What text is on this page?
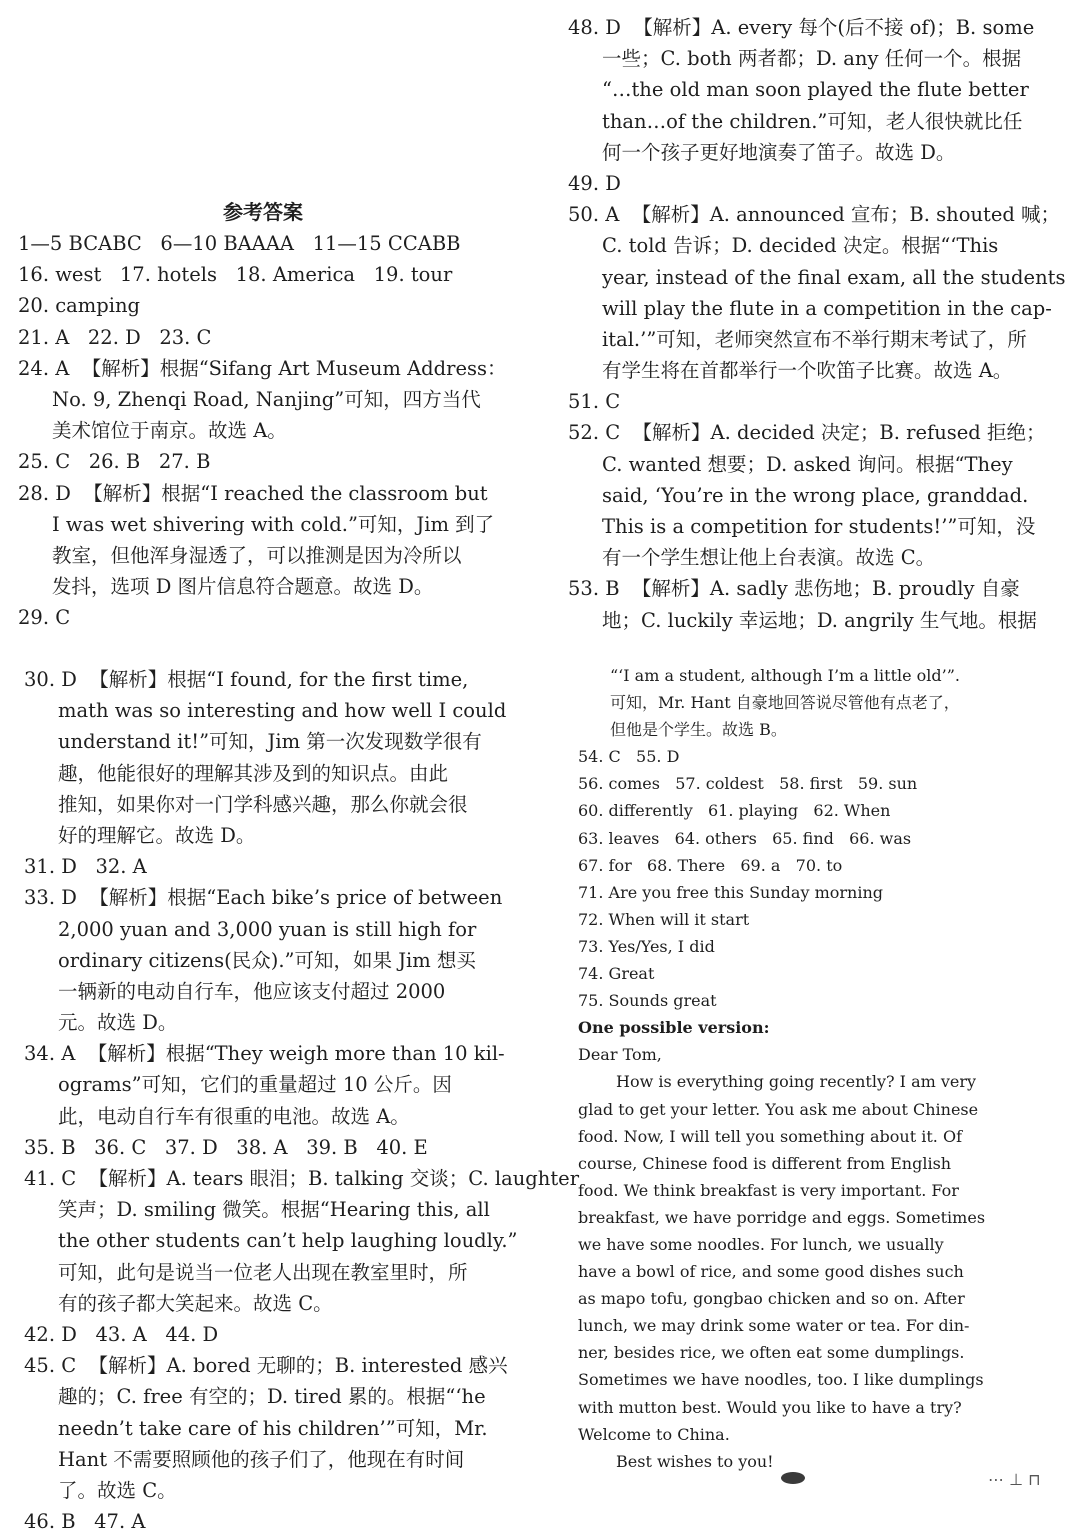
参考答案
1—5 BCABC   6—10 BAAAA   11—15 CCABB
16. west   17. hotels   18. America   19. tour
20. camping
21. A   22. D   23. C
24. A  【解析】根据“Sifang Art Museum Address：
No. 9, Zhenqi Road, Nanjing”可知，四方当代
美术馆位于南京。故选 A。
25. C   26. B   27. B
28. D  【解析】根据“I reached the classroom but
I was wet shivering with cold.”可知，Jim 到了
教室，但他浑身湿透了，可以推测是因为冷所以
发抖，选项 D 图片信息符合题意。故选 D。
29. C
30. D  【解析】根据“I found, for the first time,
math was so interesting and how well I could
understand it!”可知，Jim 第一次发现数学很有
趣，他能很好的理解其涉及到的知识点。由此
推知，如果你对一门学科感兴趣，那么你就会很
好的理解它。故选 D。
31. D   32. A
33. D  【解析】根据“Each bike’s price of between
2,000 yuan and 3,000 yuan is still high for
ordinary citizens(民众).”可知，如果 Jim 想买
一辆新的电动自行车，他应该支付超过 2000
元。故选 D。
34. A  【解析】根据“They weigh more than 10 kil-
ograms”可知，它们的重量超过 10 公斤。因
此，电动自行车有很重的电池。故选 A。
35. B   36. C   37. D   38. A   39. B   40. E
41. C  【解析】A. tears 眼泪；B. talking 交谈；C. laughter
笑声；D. smiling 微笑。根据“Hearing this, all
the other students can’t help laughing loudly.”
可知，此句是说当一位老人出现在教室里时，所
有的孩子都大笑起来。故选 C。
42. D   43. A   44. D
45. C  【解析】A. bored 无聊的；B. interested 感兴
趣的；C. free 有空的；D. tired 累的。根据“‘he
needn’t take care of his children’”可知，Mr.
Hant 不需要照顾他的孩子们了，他现在有时间
了。故选 C。
46. B   47. A
48. D  【解析】A. every 每个(后不接 of)；B. some
一些；C. both 两者都；D. any 任何一个。根据
“…the old man soon played the flute better
than…of the children.”可知，老人很快就比任
何一个孩子更好地演奏了笛子。故选 D。
49. D
50. A  【解析】A. announced 宣布；B. shouted 喊；
C. told 告诉；D. decided 决定。根据“‘This
year, instead of the final exam, all the students
will play the flute in a competition in the cap-
ital.’”可知，老师突然宣布不举行期末考试了，所
有学生将在首都举行一个吹笛子比赛。故选 A。
51. C
52. C  【解析】A. decided 决定；B. refused 拒绝；
C. wanted 想要；D. asked 询问。根据“They
said, ‘You’re in the wrong place, granddad.
This is a competition for students!’”可知，没
有一个学生想让他上台表演。故选 C。
53. B  【解析】A. sadly 悲伤地；B. proudly 自豪
地；C. luckily 幸运地；D. angrily 生气地。根据
“‘I am a student, although I’m a little old’”.
可知，Mr. Hant 自豪地回答说尽管他有点老了，
但他是个学生。故选 B。
54. C   55. D
56. comes   57. coldest   58. first   59. sun
60. differently   61. playing   62. When
63. leaves   64. others   65. find   66. was
67. for   68. There   69. a   70. to
71. Are you free this Sunday morning
72. When will it start
73. Yes/Yes, I did
74. Great
75. Sounds great
One possible version:
Dear Tom,
How is everything going recently? I am very
glad to get your letter. You ask me about Chinese
food. Now, I will tell you something about it. Of
course, Chinese food is different from English
food. We think breakfast is very important. For
breakfast, we have porridge and eggs. Sometimes
we have some noodles. For lunch, we usually
have a bowl of rice, and some good dishes such
as mapo tofu, gongbao chicken and so on. After
lunch, we may drink some water or tea. For din-
ner, besides rice, we often eat some dumplings.
Sometimes we have noodles, too. I like dumplings
with mutton best. Would you like to have a try?
Welcome to China.
Best wishes to you!
⋯ ⊥ ⊓
